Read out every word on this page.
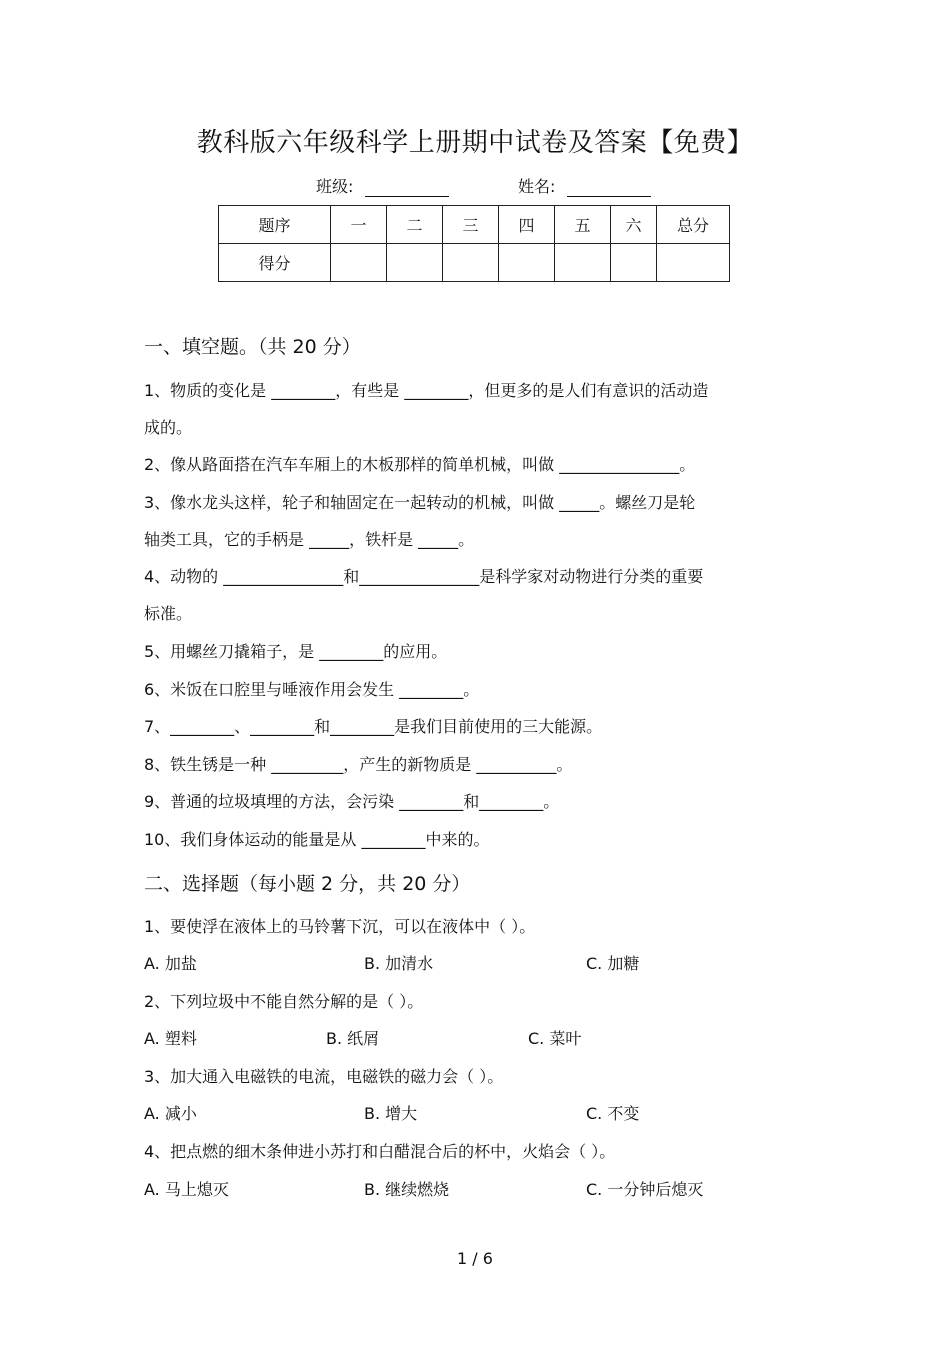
教科版六年级科学上册期中试卷及答案【免费】
班级:	姓名:
题序	一	二	三	四	五	六	总分
得分							
一、填空题。（共 20 分）
1、物质的变化是 ________，有些是 ________，但更多的是人们有意识的活动造
成的。
2、像从路面搭在汽车车厢上的木板那样的简单机械，叫做 _______________。
3、像水龙头这样，轮子和轴固定在一起转动的机械，叫做 _____。螺丝刀是轮
轴类工具，它的手柄是 _____，铁杆是 _____。
4、动物的 _______________和_______________是科学家对动物进行分类的重要
标准。
5、用螺丝刀撬箱子，是 ________的应用。
6、米饭在口腔里与唾液作用会发生 ________。
7、________、________和________是我们目前使用的三大能源。
8、铁生锈是一种 _________，产生的新物质是 __________。
9、普通的垃圾填埋的方法，会污染 ________和________。
10、我们身体运动的能量是从 ________中来的。
二、选择题（每小题 2 分，共 20 分）
1、要使浮在液体上的马铃薯下沉，可以在液体中（ ）。
A. 加盐	B. 加清水	C. 加糖
2、下列垃圾中不能自然分解的是（ ）。
A. 塑料	B. 纸屑	C. 菜叶
3、加大通入电磁铁的电流，电磁铁的磁力会（ ）。
A. 减小	B. 增大	C. 不变
4、把点燃的细木条伸进小苏打和白醋混合后的杯中，火焰会（ ）。
A. 马上熄灭	B. 继续燃烧	C. 一分钟后熄灭
1 / 6
